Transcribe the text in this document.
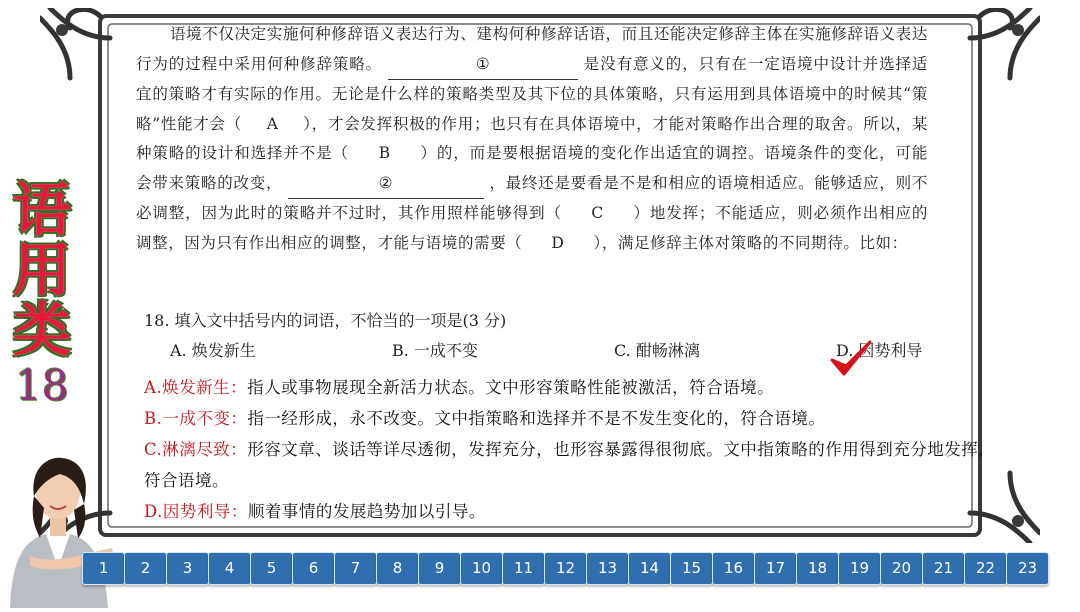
语
用
类
18
语境不仅决定实施何种修辞语义表达行为、建构何种修辞话语，而且还能决定修辞主体在实施修辞语义表达行为的过程中采用何种修辞策略。	①	是没有意义的，只有在一定语境中设计并选择适宜的策略才有实际的作用。无论是什么样的策略类型及其下位的具体策略，只有运用到具体语境中的时候其“策略”性能才会（ A ），才会发挥积极的作用；也只有在具体语境中，才能对策略作出合理的取舍。所以，某种策略的设计和选择并不是（ B ）的，而是要根据语境的变化作出适宜的调控。语境条件的变化，可能会带来策略的改变，	②	，最终还是要看是不是和相应的语境相适应。能够适应，则不必调整，因为此时的策略并不过时，其作用照样能够得到（ C ）地发挥；不能适应，则必须作出相应的调整，因为只有作出相应的调整，才能与语境的需要（ D ），满足修辞主体对策略的不同期待。比如：
18. 填入文中括号内的词语，不恰当的一项是(3 分)
A. 焕发新生	B. 一成不变	C. 酣畅淋漓	D. 因势利导

A.焕发新生：指人或事物展现全新活力状态。文中形容策略性能被激活，符合语境。

B.一成不变：指一经形成，永不改变。文中指策略和选择并不是不发生变化的，符合语境。

C.淋漓尽致：形容文章、谈话等详尽透彻，发挥充分，也形容暴露得很彻底。文中指策略的作用得到充分地发挥，符合语境。

D.因势利导：顺着事情的发展趋势加以引导。

1	2	3	4	5	6	7	8	9	10	11	12	13	14	15	16	17	18	19	20	21	22	23
